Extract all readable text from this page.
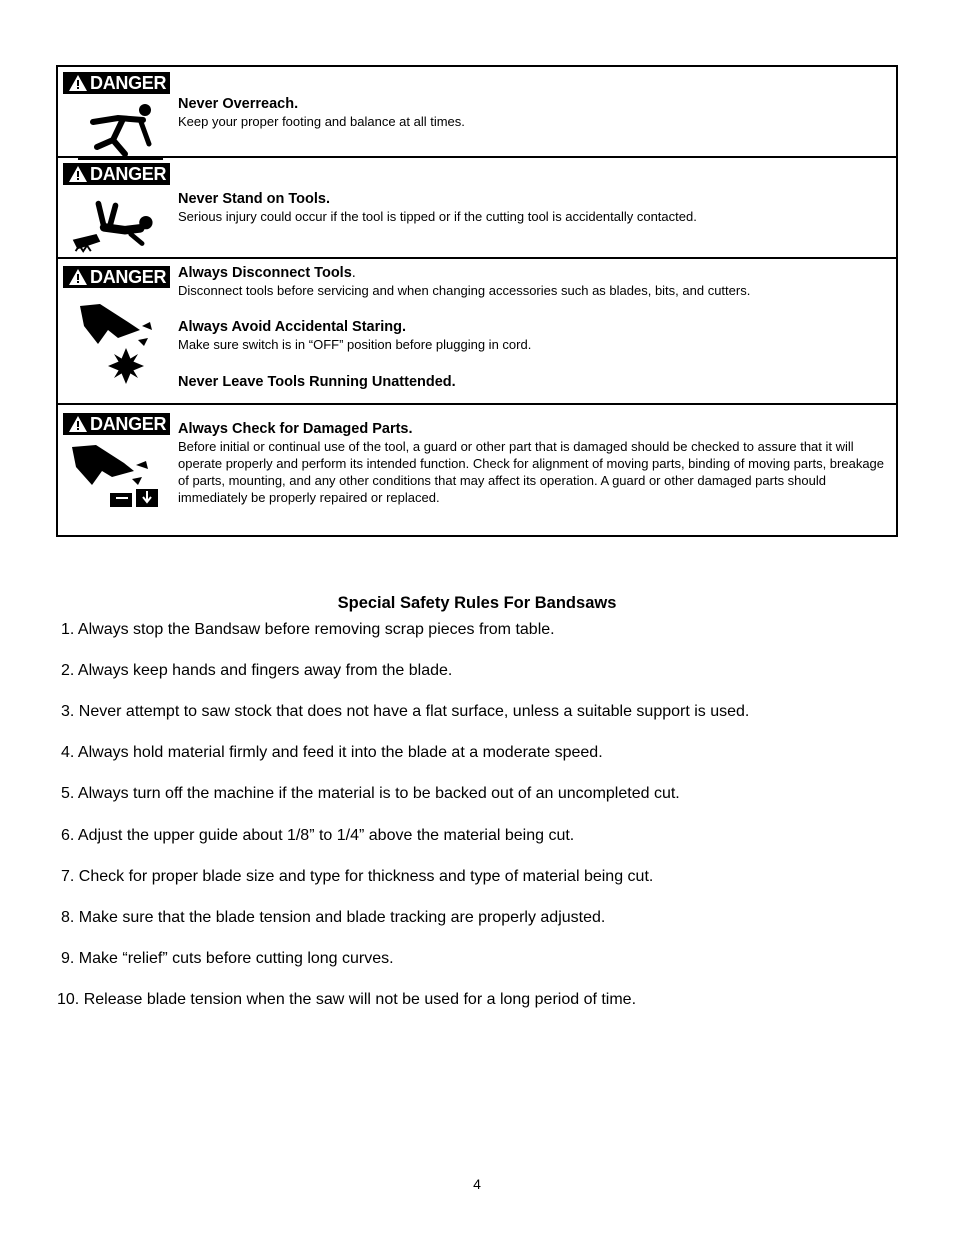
DANGER
Never Overreach.
Keep your proper footing and balance at all times.
DANGER
Never Stand on Tools.
Serious injury could occur if the tool is tipped or if the cutting tool is accidentally contacted.
DANGER Always Disconnect Tools.
Disconnect tools before servicing and when changing accessories such as blades, bits, and cutters.
Always Avoid Accidental Staring.
Make sure switch is in “OFF” position before plugging in cord.
Never Leave Tools Running Unattended.
DANGER Always Check for Damaged Parts.
Before initial or continual use of the tool, a guard or other part that is damaged should be checked to assure that it will operate properly and perform its intended function. Check for alignment of moving parts, binding of moving parts, breakage of parts, mounting, and any other conditions that may affect its operation. A guard or other damaged parts should immediately be properly repaired or replaced.
Special Safety Rules For Bandsaws
1. Always stop the Bandsaw before removing scrap pieces from table.
2. Always keep hands and fingers away from the blade.
3. Never attempt to saw stock that does not have a flat surface, unless a suitable support is used.
4. Always hold material firmly and feed it into the blade at a moderate speed.
5. Always turn off the machine if the material is to be backed out of an uncompleted cut.
6. Adjust the upper guide about 1/8” to 1/4” above the material being cut.
7. Check for proper blade size and type for thickness and type of material being cut.
8. Make sure that the blade tension and blade tracking are properly adjusted.
9. Make “relief” cuts before cutting long curves.
10. Release blade tension when the saw will not be used for a long period of time.
4
